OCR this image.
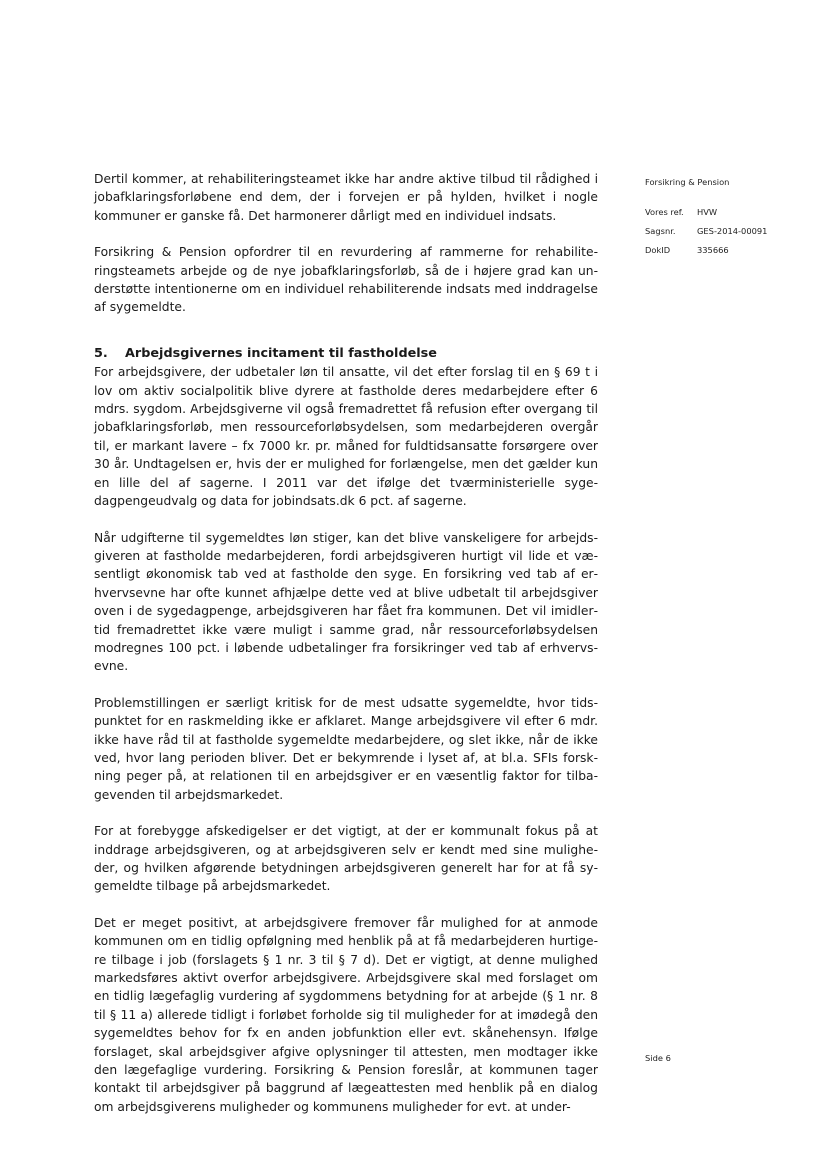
Dertil kommer, at rehabiliteringsteamet ikke har andre aktive tilbud til rådighed i jobafklaringsforløbene end dem, der i forvejen er på hylden, hvilket i nogle kommuner er ganske få. Det harmonerer dårligt med en individuel indsats.

Forsikring & Pension opfordrer til en revurdering af rammerne for rehabiliteringsteamets arbejde og de nye jobafklaringsforløb, så de i højere grad kan understøtte intentionerne om en individuel rehabiliterende indsats med inddragelse af sygemeldte.

5.	Arbejdsgivernes incitament til fastholdelse

For arbejdsgivere, der udbetaler løn til ansatte, vil det efter forslag til en § 69 t i lov om aktiv socialpolitik blive dyrere at fastholde deres medarbejdere efter 6 mdrs. sygdom. Arbejdsgiverne vil også fremadrettet få refusion efter overgang til jobafklaringsforløb, men ressourceforløbsydelsen, som medarbejderen overgår til, er markant lavere – fx 7000 kr. pr. måned for fuldtidsansatte forsørgere over 30 år. Undtagelsen er, hvis der er mulighed for forlængelse, men det gælder kun en lille del af sagerne. I 2011 var det ifølge det tværministerielle sygedagpengeudvalg og data for jobindsats.dk 6 pct. af sagerne.

Når udgifterne til sygemeldtes løn stiger, kan det blive vanskeligere for arbejdsgiveren at fastholde medarbejderen, fordi arbejdsgiveren hurtigt vil lide et væsentligt økonomisk tab ved at fastholde den syge. En forsikring ved tab af erhvervsevne har ofte kunnet afhjælpe dette ved at blive udbetalt til arbejdsgiver oven i de sygedagpenge, arbejdsgiveren har fået fra kommunen. Det vil imidlertid fremadrettet ikke være muligt i samme grad, når ressourceforløbsydelsen modregnes 100 pct. i løbende udbetalinger fra forsikringer ved tab af erhvervsevne.

Problemstillingen er særligt kritisk for de mest udsatte sygemeldte, hvor tidspunktet for en raskmelding ikke er afklaret. Mange arbejdsgivere vil efter 6 mdr. ikke have råd til at fastholde sygemeldte medarbejdere, og slet ikke, når de ikke ved, hvor lang perioden bliver. Det er bekymrende i lyset af, at bl.a. SFIs forskning peger på, at relationen til en arbejdsgiver er en væsentlig faktor for tilbagevenden til arbejdsmarkedet.

For at forebygge afskedigelser er det vigtigt, at der er kommunalt fokus på at inddrage arbejdsgiveren, og at arbejdsgiveren selv er kendt med sine muligheder, og hvilken afgørende betydningen arbejdsgiveren generelt har for at få sygemeldte tilbage på arbejdsmarkedet.

Det er meget positivt, at arbejdsgivere fremover får mulighed for at anmode kommunen om en tidlig opfølgning med henblik på at få medarbejderen hurtigere tilbage i job (forslagets § 1 nr. 3 til § 7 d). Det er vigtigt, at denne mulighed markedsføres aktivt overfor arbejdsgivere. Arbejdsgivere skal med forslaget om en tidlig lægefaglig vurdering af sygdommens betydning for at arbejde (§ 1 nr. 8 til § 11 a) allerede tidligt i forløbet forholde sig til muligheder for at imødegå den sygemeldtes behov for fx en anden jobfunktion eller evt. skånehensyn. Ifølge forslaget, skal arbejdsgiver afgive oplysninger til attesten, men modtager ikke den lægefaglige vurdering. Forsikring & Pension foreslår, at kommunen tager kontakt til arbejdsgiver på baggrund af lægeattesten med henblik på en dialog om arbejdsgiverens muligheder og kommunens muligheder for evt. at under-

Forsikring & Pension
Vores ref.	HVW
Sagsnr.	GES-2014-00091
DokID	335666
Side 6
